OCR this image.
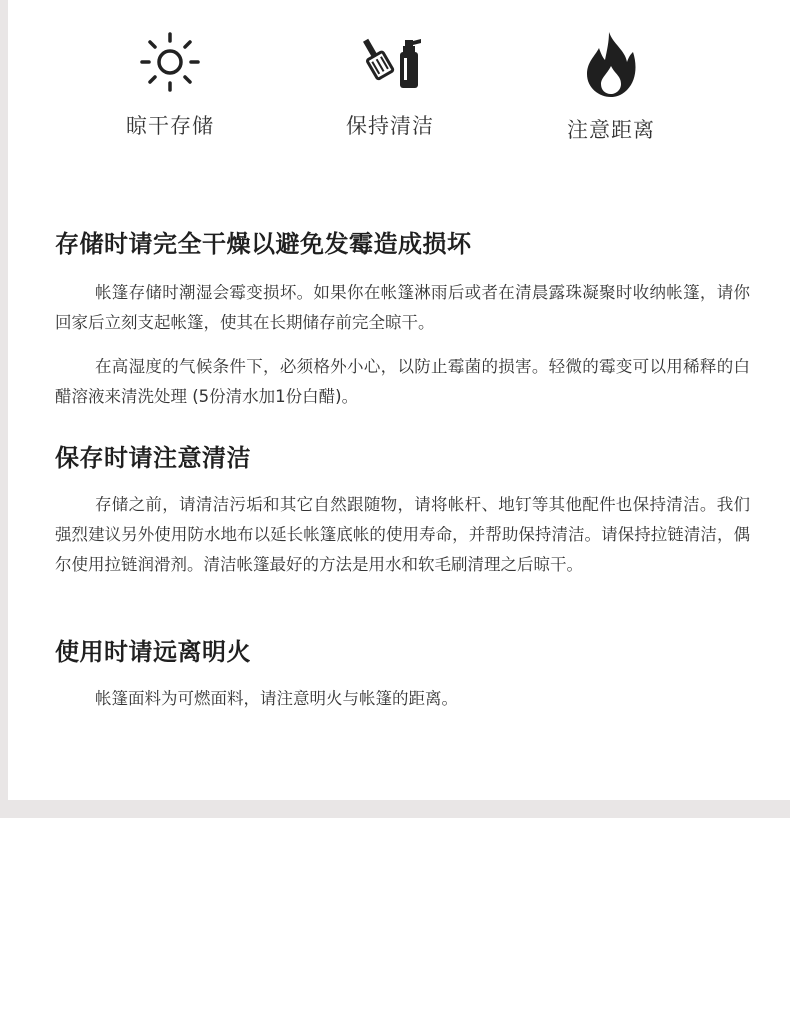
晾干存储	保持清洁	注意距离
存储时请完全干燥以避免发霉造成损坏
帐篷存储时潮湿会霉变损坏。如果你在帐篷淋雨后或者在清晨露珠凝聚时收纳帐篷，请你回家后立刻支起帐篷，使其在长期储存前完全晾干。
在高湿度的气候条件下，必须格外小心，以防止霉菌的损害。轻微的霉变可以用稀释的白醋溶液来清洗处理 (5份清水加1份白醋)。
保存时请注意清洁
存储之前，请清洁污垢和其它自然跟随物，请将帐杆、地钉等其他配件也保持清洁。我们强烈建议另外使用防水地布以延长帐篷底帐的使用寿命，并帮助保持清洁。请保持拉链清洁，偶尔使用拉链润滑剂。清洁帐篷最好的方法是用水和软毛刷清理之后晾干。
使用时请远离明火
帐篷面料为可燃面料，请注意明火与帐篷的距离。
